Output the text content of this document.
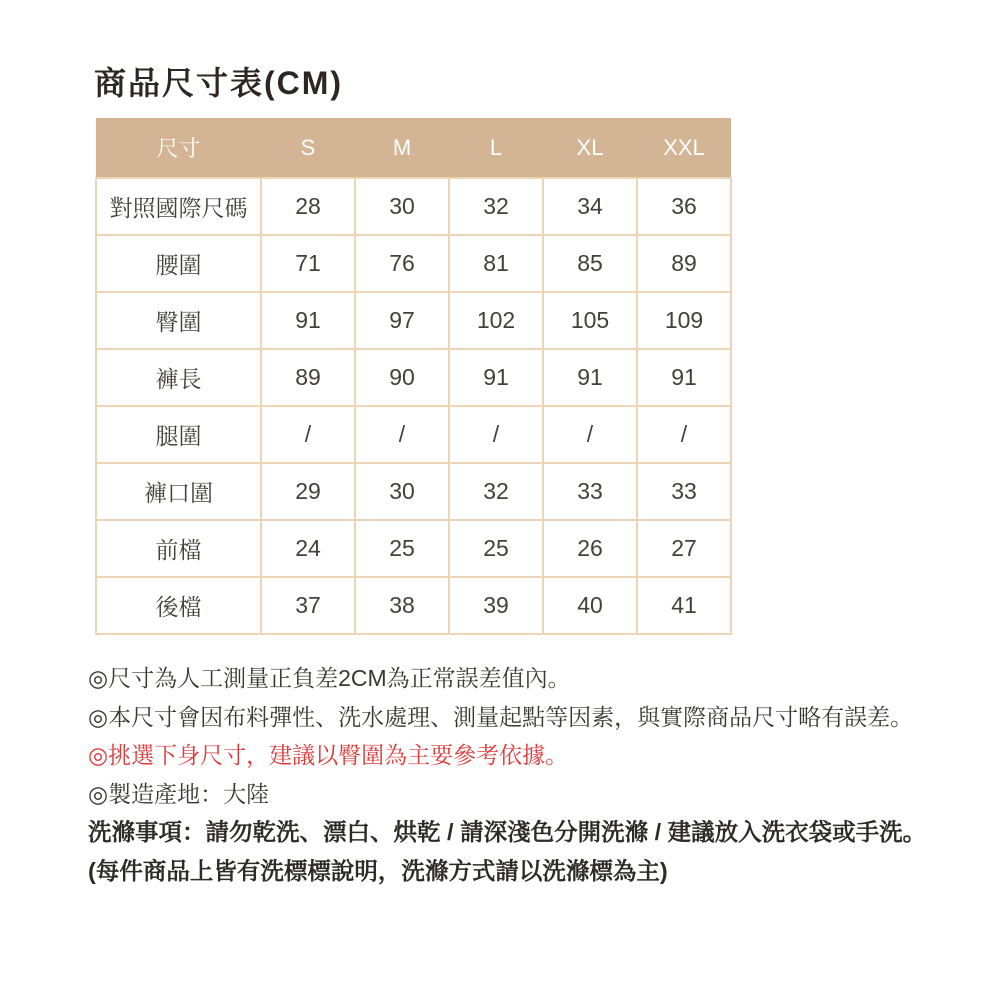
商品尺寸表(CM)
尺寸	S	M	L	XL	XXL
對照國際尺碼	28	30	32	34	36
腰圍	71	76	81	85	89
臀圍	91	97	102	105	109
褲長	89	90	91	91	91
腿圍	/	/	/	/	/
褲口圍	29	30	32	33	33
前檔	24	25	25	26	27
後檔	37	38	39	40	41

◎尺寸為人工測量正負差2CM為正常誤差值內。

◎本尺寸會因布料彈性、洗水處理、測量起點等因素，與實際商品尺寸略有誤差。

◎挑選下身尺寸，建議以臀圍為主要參考依據。

◎製造產地：大陸

洗滌事項：請勿乾洗、漂白、烘乾 / 請深淺色分開洗滌 / 建議放入洗衣袋或手洗。

(每件商品上皆有洗標標說明，洗滌方式請以洗滌標為主)
